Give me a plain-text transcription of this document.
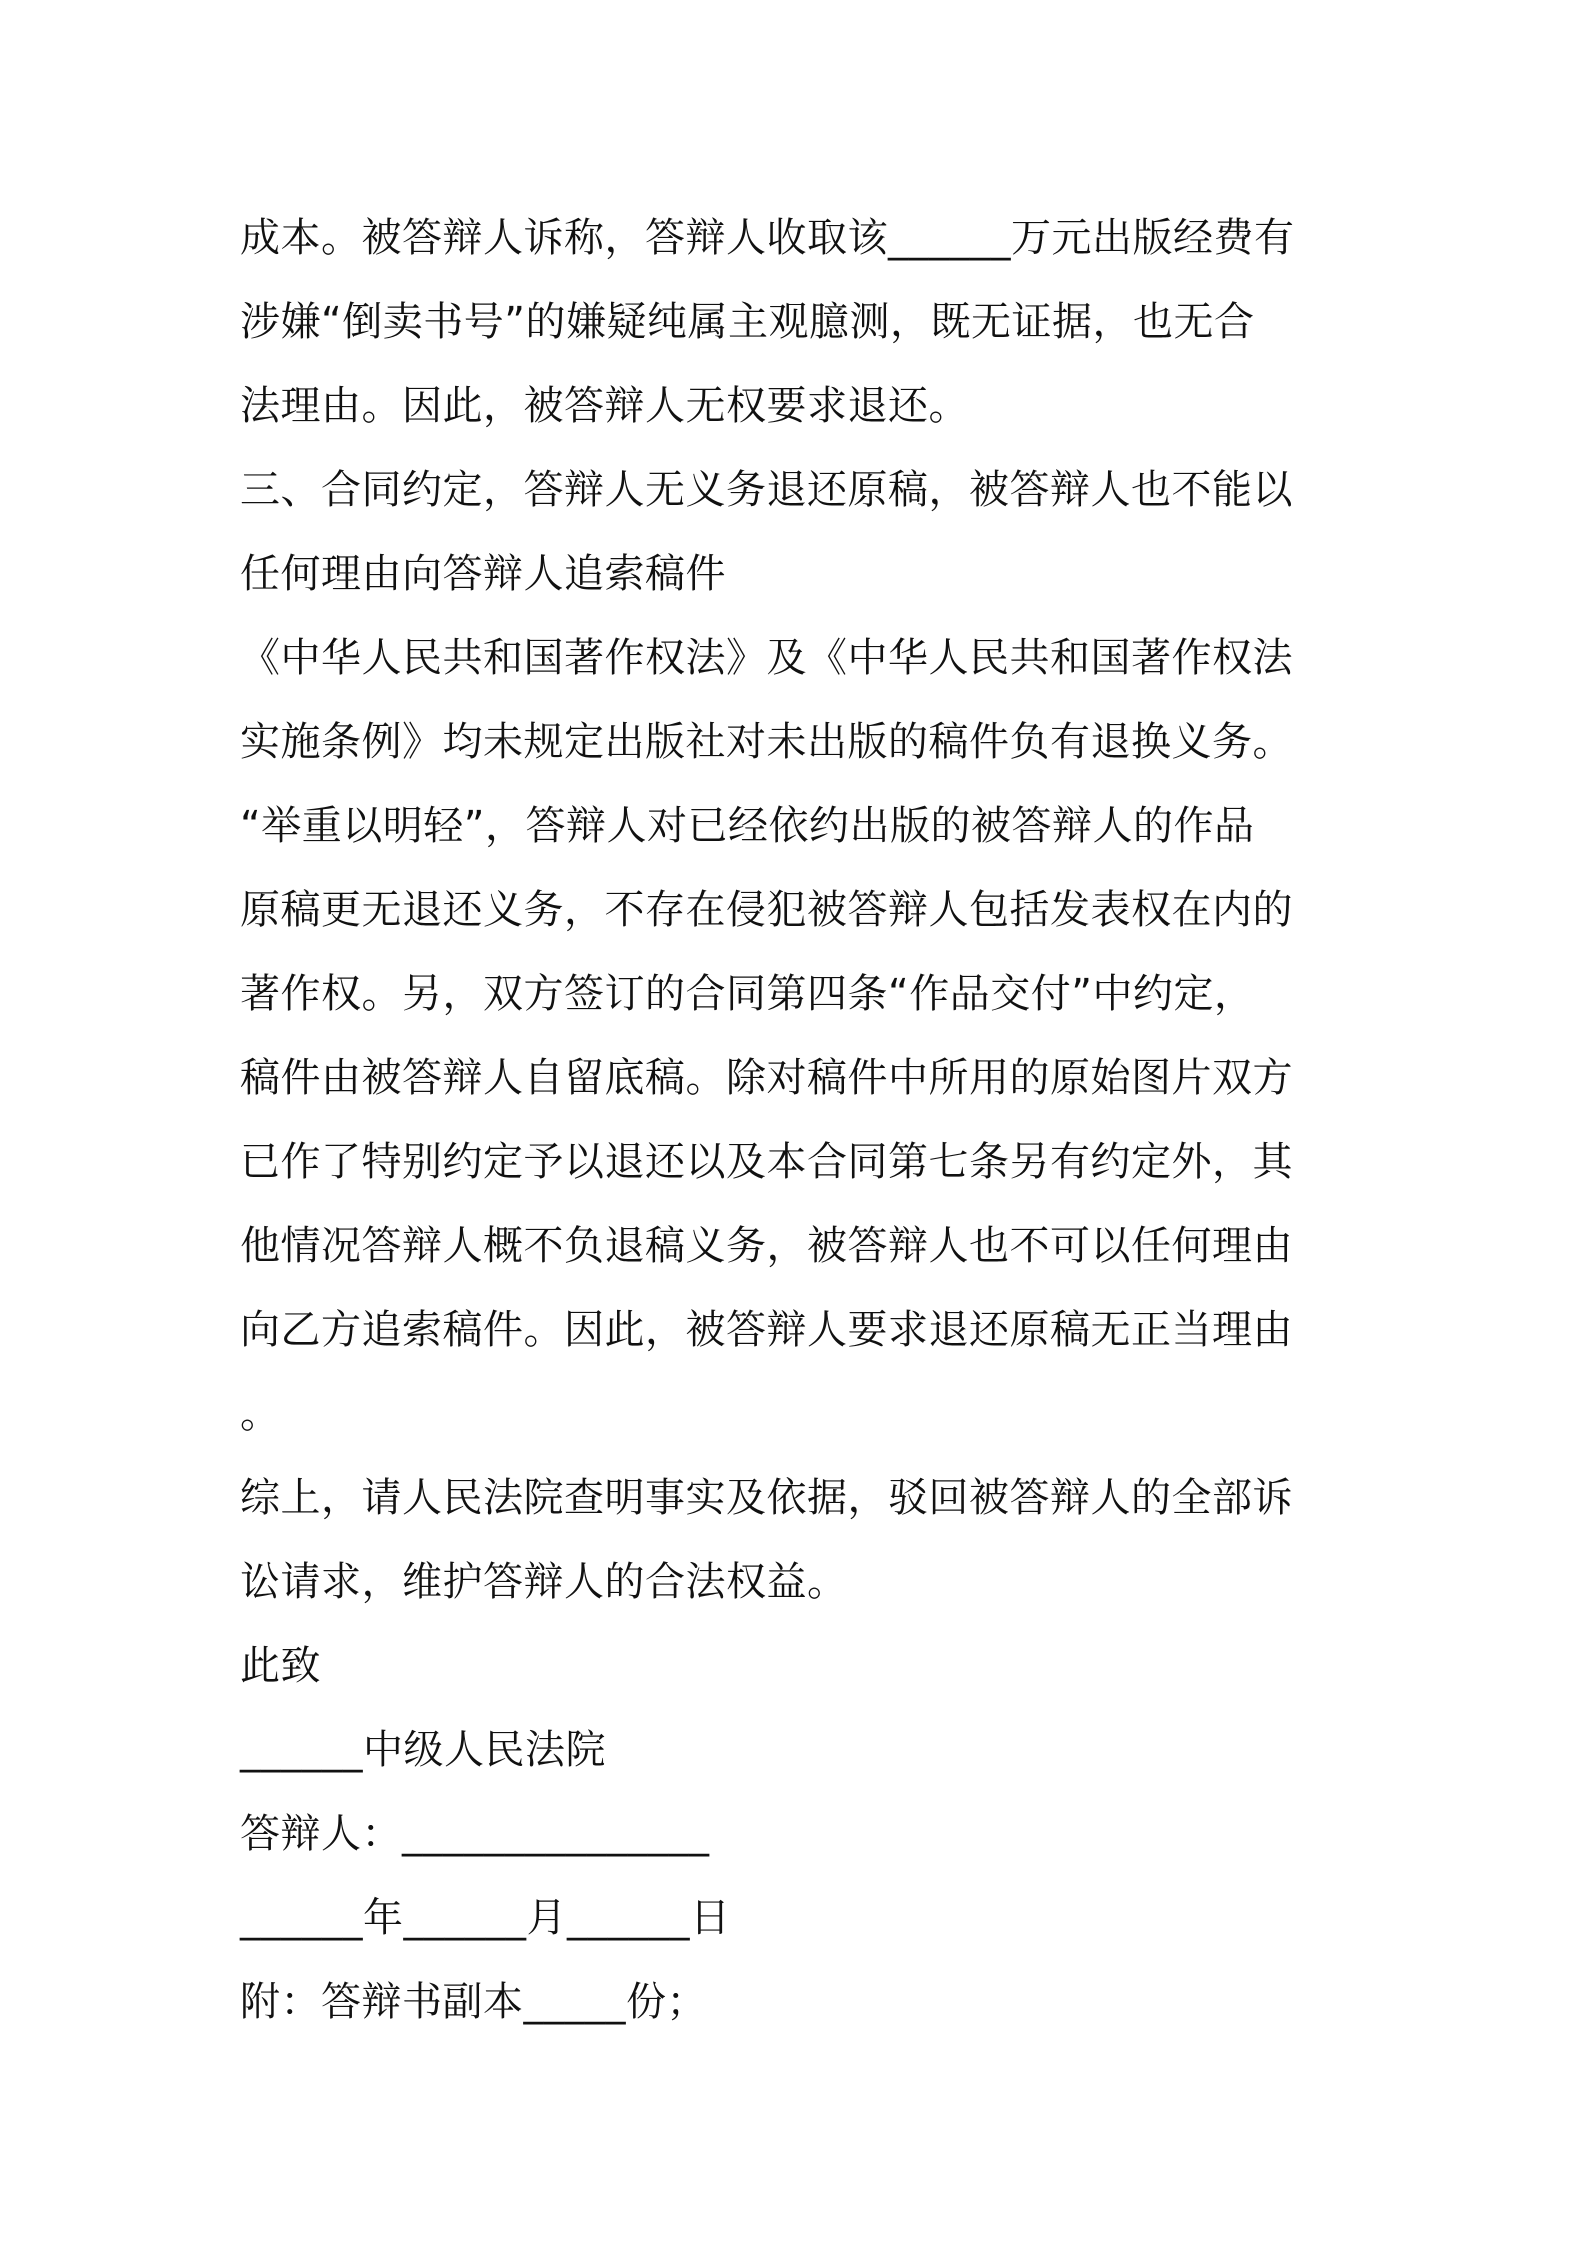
成本。被答辩人诉称，答辩人收取该______万元出版经费有
涉嫌“倒卖书号”的嫌疑纯属主观臆测，既无证据，也无合
法理由。因此，被答辩人无权要求退还。
三、合同约定，答辩人无义务退还原稿，被答辩人也不能以
任何理由向答辩人追索稿件
《中华人民共和国著作权法》及《中华人民共和国著作权法
实施条例》均未规定出版社对未出版的稿件负有退换义务。
“举重以明轻”，答辩人对已经依约出版的被答辩人的作品
原稿更无退还义务，不存在侵犯被答辩人包括发表权在内的
著作权。另，双方签订的合同第四条“作品交付”中约定，
稿件由被答辩人自留底稿。除对稿件中所用的原始图片双方
已作了特别约定予以退还以及本合同第七条另有约定外，其
他情况答辩人概不负退稿义务，被答辩人也不可以任何理由
向乙方追索稿件。因此，被答辩人要求退还原稿无正当理由
。
综上，请人民法院查明事实及依据，驳回被答辩人的全部诉
讼请求，维护答辩人的合法权益。
此致
______中级人民法院
答辩人：_______________
______年______月______日
附：答辩书副本_____份；
